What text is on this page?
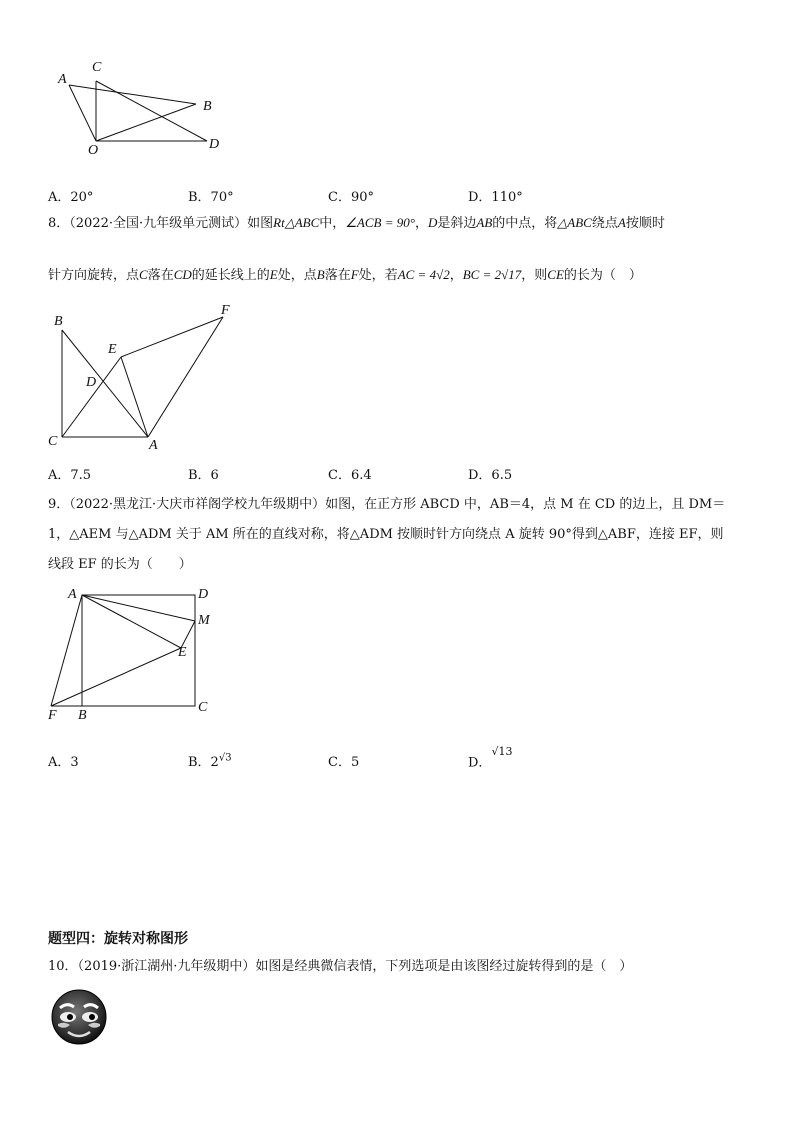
A
C
B
O	D
A．20°	B．70°	C．90°	D．110°
8．（2022·全国·九年级单元测试）如图Rt△ABC中，∠ACB = 90°，D是斜边AB的中点，将△ABC绕点A按顺时
针方向旋转，点C落在CD的延长线上的E处，点B落在F处，若AC = 4√2，BC = 2√17，则CE的长为（　）
B
F
E
D
C	A
A．7.5	B．6	C．6.4	D．6.5
9．（2022·黑龙江·大庆市祥阁学校九年级期中）如图，在正方形 ABCD 中，AB＝4，点 M 在 CD 的边上，且 DM＝
1，△AEM 与△ADM 关于 AM 所在的直线对称，将△ADM 按顺时针方向绕点 A 旋转 90°得到△ABF，连接 EF，则
线段 EF 的长为（　　）
A	D
M
E
F B
C
A．3	B．$2^{√3}$	C．5	D．$^{√13}$
题型四：旋转对称图形
10．（2019·浙江湖州·九年级期中）如图是经典微信表情，下列选项是由该图经过旋转得到的是（　）
